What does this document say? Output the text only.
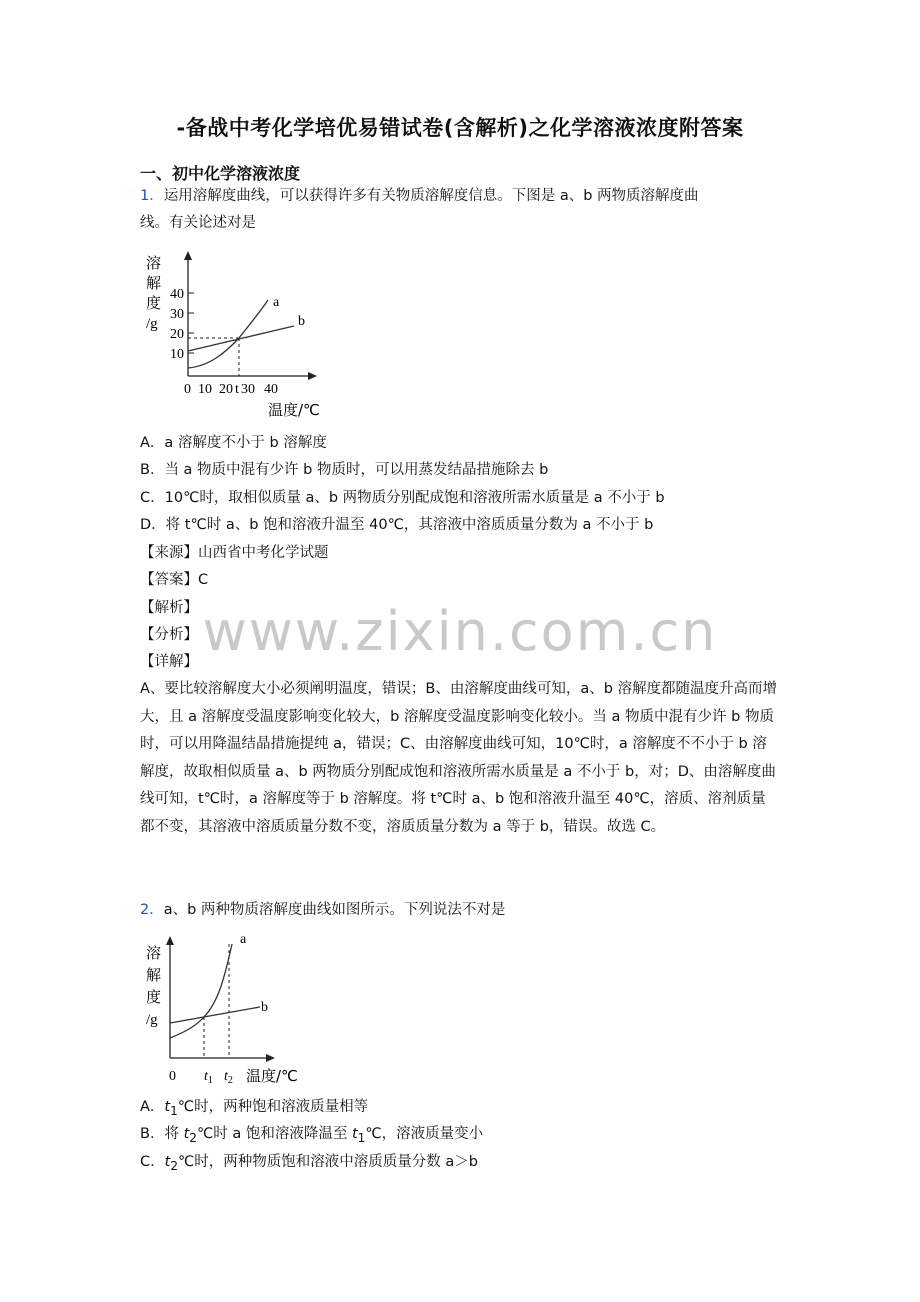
-备战中考化学培优易错试卷(含解析)之化学溶液浓度附答案
一、初中化学溶液浓度
1．运用溶解度曲线，可以获得许多有关物质溶解度信息。下图是 a、b 两物质溶解度曲
线。有关论述对是
溶
解
度
/g
40
30
20
10
0 10 20 t 30 40
温度/℃
a
b
A．a 溶解度不小于 b 溶解度
B．当 a 物质中混有少许 b 物质时，可以用蒸发结晶措施除去 b
C．10℃时，取相似质量 a、b 两物质分别配成饱和溶液所需水质量是 a 不小于 b
D．将 t℃时 a、b 饱和溶液升温至 40℃，其溶液中溶质质量分数为 a 不小于 b
【来源】山西省中考化学试题
【答案】C
【解析】
【分析】
【详解】
A、要比较溶解度大小必须阐明温度，错误；B、由溶解度曲线可知，a、b 溶解度都随温度升高而增大，且 a 溶解度受温度影响变化较大，b 溶解度受温度影响变化较小。当 a 物质中混有少许 b 物质时，可以用降温结晶措施提纯 a，错误；C、由溶解度曲线可知，10℃时，a 溶解度不不小于 b 溶解度，故取相似质量 a、b 两物质分别配成饱和溶液所需水质量是 a 不小于 b，对；D、由溶解度曲线可知，t℃时，a 溶解度等于 b 溶解度。将 t℃时 a、b 饱和溶液升温至 40℃，溶质、溶剂质量都不变，其溶液中溶质质量分数不变，溶质质量分数为 a 等于 b，错误。故选 C。
2．a、b 两种物质溶解度曲线如图所示。下列说法不对是
溶
解
度
/g
0 $t_1$ $t_2$ 温度/℃
a
b
A．$t_1℃$时，两种饱和溶液质量相等
B．将 $t_2℃$时 a 饱和溶液降温至 $t_1℃$，溶液质量变小
C．$t_2℃$时，两种物质饱和溶液中溶质质量分数 a＞b
www.zixin.com.cn
